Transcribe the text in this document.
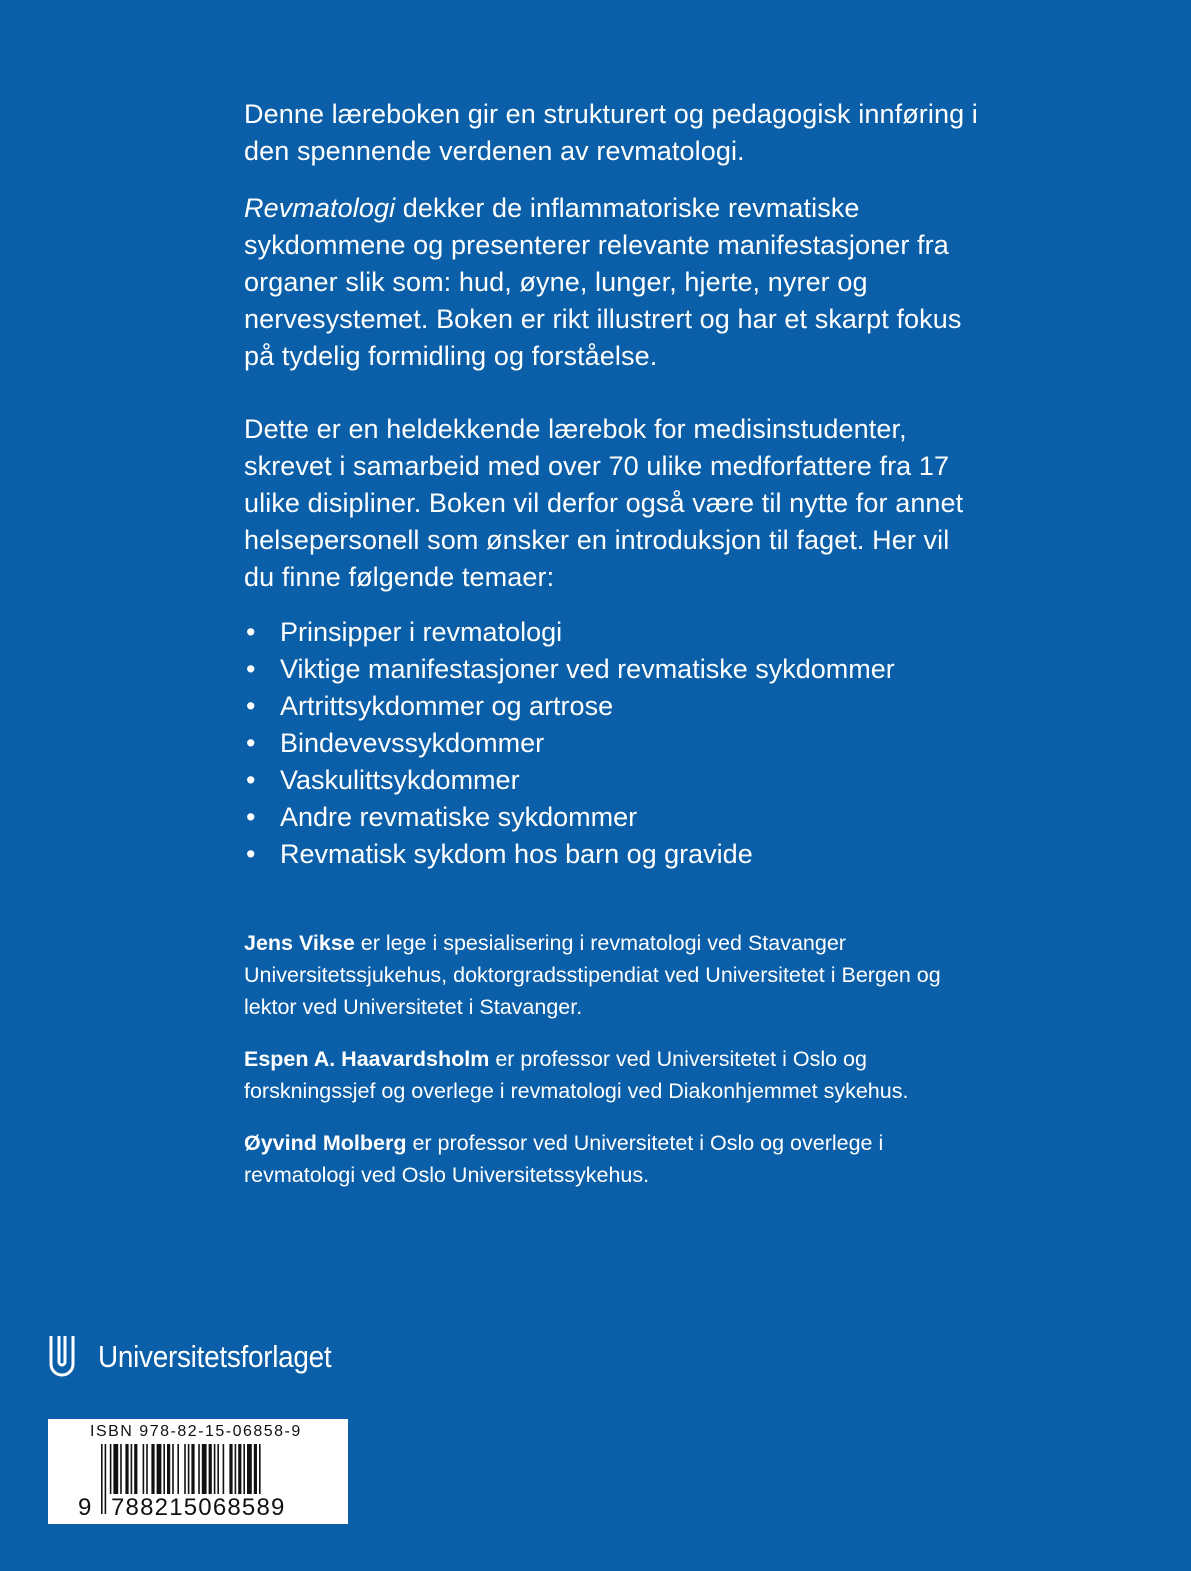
Denne læreboken gir en strukturert og pedagogisk innføring i den spennende verdenen av revmatologi.

Revmatologi dekker de inflammatoriske revmatiske sykdommene og presenterer relevante manifestasjoner fra organer slik som: hud, øyne, lunger, hjerte, nyrer og nervesystemet. Boken er rikt illustrert og har et skarpt fokus på tydelig formidling og forståelse.

Dette er en heldekkende lærebok for medisinstudenter, skrevet i samarbeid med over 70 ulike medforfattere fra 17 ulike disipliner. Boken vil derfor også være til nytte for annet helsepersonell som ønsker en introduksjon til faget. Her vil du finne følgende temaer:

• Prinsipper i revmatologi
• Viktige manifestasjoner ved revmatiske sykdommer
• Artrittsykdommer og artrose
• Bindevevssykdommer
• Vaskulittsykdommer
• Andre revmatiske sykdommer
• Revmatisk sykdom hos barn og gravide

Jens Vikse er lege i spesialisering i revmatologi ved Stavanger Universitetssjukehus, doktorgradsstipendiat ved Universitetet i Bergen og lektor ved Universitetet i Stavanger.

Espen A. Haavardsholm er professor ved Universitetet i Oslo og forskningssjef og overlege i revmatologi ved Diakonhjemmet sykehus.

Øyvind Molberg er professor ved Universitetet i Oslo og overlege i revmatologi ved Oslo Universitetssykehus.

Universitetsforlaget
ISBN 978-82-15-06858-9
9 788215068589
